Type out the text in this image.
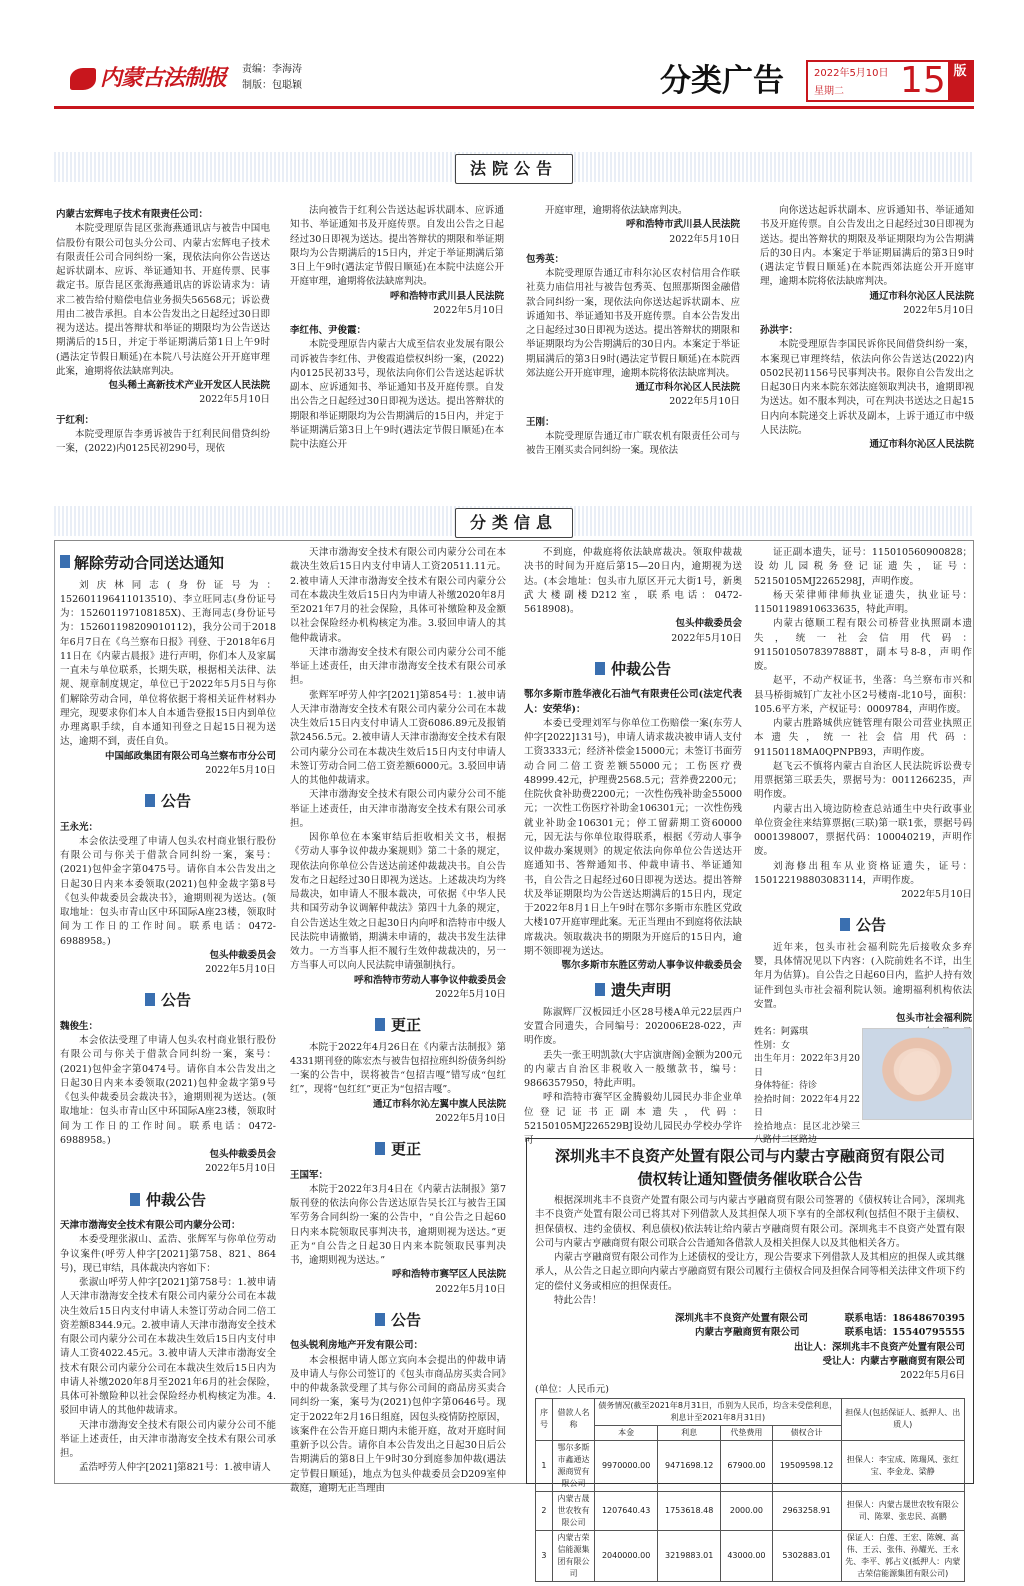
内蒙古法制报 责编：李海涛
制版：包聪颖	分类广告	2022年5月10日
星期二 15 版
法院公告

内蒙古宏辉电子技术有限责任公司：

本院受理原告昆区张海燕通讯店与被告中国电信股份有限公司包头分公司、内蒙古宏辉电子技术有限责任公司合同纠纷一案，现依法向你公告送达起诉状副本、应诉、举证通知书、开庭传票、民事裁定书。原告昆区张海燕通讯店的诉讼请求为：请求二被告给付赔偿电信业务损失56568元；诉讼费用由二被告承担。自本公告发出之日起经过30日即视为送达。提出答辩状和举证的期限均为公告送达期满后的15日，并定于举证期满后第1日上午9时(遇法定节假日顺延)在本院八号法庭公开开庭审理此案，逾期将依法缺席判决。

包头稀土高新技术产业开发区人民法院

2022年5月10日

于红利：

本院受理原告李勇诉被告于红利民间借贷纠纷一案，(2022)内0125民初290号，现依

法向被告于红利公告送达起诉状副本、应诉通知书、举证通知书及开庭传票。自发出公告之日起经过30日即视为送达。提出答辩状的期限和举证期限均为公告期满后的15日内，并定于举证期满后第3日上午9时(遇法定节假日顺延)在本院中法庭公开开庭审理，逾期将依法缺席判决。

呼和浩特市武川县人民法院

2022年5月10日

李红伟、尹俊霞：

本院受理原告内蒙古大成至信农业发展有限公司诉被告李红伟、尹俊霞追偿权纠纷一案，(2022)内0125民初33号，现依法向你们公告送达起诉状副本、应诉通知书、举证通知书及开庭传票。自发出公告之日起经过30日即视为送达。提出答辩状的期限和举证期限均为公告期满后的15日内，并定于举证期满后第3日上午9时(遇法定节假日顺延)在本院中法庭公开

开庭审理，逾期将依法缺席判决。

呼和浩特市武川县人民法院

2022年5月10日

包秀英：

本院受理原告通辽市科尔沁区农村信用合作联社莫力庙信用社与被告包秀英、包照那斯图金融借款合同纠纷一案，现依法向你送达起诉状副本、应诉通知书、举证通知书及开庭传票。自本公告发出之日起经过30日即视为送达。提出答辩状的期限和举证期限均为公告期满后的30日内。本案定于举证期届满后的第3日9时(遇法定节假日顺延)在本院西郊法庭公开开庭审理，逾期本院将依法缺席判决。

通辽市科尔沁区人民法院

2022年5月10日

王刚：

本院受理原告通辽市广联农机有限责任公司与被告王刚买卖合同纠纷一案。现依法

向你送达起诉状副本、应诉通知书、举证通知书及开庭传票。自公告发出之日起经过30日即视为送达。提出答辩状的期限及举证期限均为公告期满后的30日内。本案定于举证期届满后的第3日9时(遇法定节假日顺延)在本院西郊法庭公开开庭审理，逾期本院将依法缺席判决。

通辽市科尔沁区人民法院

2022年5月10日

孙洪宇：

本院受理原告李国民诉你民间借贷纠纷一案，本案现已审理终结，依法向你公告送达(2022)内0502民初1156号民事判决书。限你自公告发出之日起30日内来本院东郊法庭领取判决书，逾期即视为送达。如不服本判决，可在判决书送达之日起15日内向本院递交上诉状及副本，上诉于通辽市中级人民法院。

通辽市科尔沁区人民法院

分类信息
解除劳动合同送达通知

刘庆林同志(身份证号为：152601196411013510)、李立旺同志(身份证号为：152601197108185X)、王海同志(身份证号为：152601198209010112)，我分公司于2018年6月7日在《乌兰察布日报》刊登、于2018年6月11日在《内蒙古晨报》进行声明，你们本人及家属一直未与单位联系，长期失联，根据相关法律、法规、规章制度规定，单位已于2022年5月5日与你们解除劳动合同，单位将依据于将相关证件材料办理完，现要求你们本人自本通告登报15日内到单位办理离职手续，自本通知刊登之日起15日视为送达，逾期不到，责任自负。

中国邮政集团有限公司乌兰察布市分公司

2022年5月10日

公告

王永光：

本会依法受理了申请人包头农村商业银行股份有限公司与你关于借款合同纠纷一案，案号：(2021)包仲金字第0475号。请你自本公告发出之日起30日内来本委领取(2021)包仲金裁字第8号《包头仲裁委员会裁决书》，逾期则视为送达。(领取地址：包头市青山区中环国际A座23楼，领取时间为工作日的工作时间。联系电话：0472-6988958。)

包头仲裁委员会

2022年5月10日

公告

魏俊生：

本会依法受理了申请人包头农村商业银行股份有限公司与你关于借款合同纠纷一案，案号：(2021)包仲金字第0474号。请你自本公告发出之日起30日内来本委领取(2021)包仲金裁字第9号《包头仲裁委员会裁决书》，逾期则视为送达。(领取地址：包头市青山区中环国际A座23楼，领取时间为工作日的工作时间。联系电话：0472-6988958。)

包头仲裁委员会

2022年5月10日

仲裁公告

天津市渤海安全技术有限公司内蒙分公司：

本委受理张淑山、孟浩、张辉军与你单位劳动争议案件(呼劳人仲字[2021]第758、821、864号)，现已审结，具体裁决内容如下：

张淑山呼劳人仲字[2021]第758号：1.被申请人天津市渤海安全技术有限公司内蒙分公司在本裁决生效后15日内支付申请人未签订劳动合同二倍工资差额8344.9元。2.被申请人天津市渤海安全技术有限公司内蒙分公司在本裁决生效后15日内支付申请人工资4022.45元。3.被申请人天津市渤海安全技术有限公司内蒙分公司在本裁决生效后15日内为申请人补缴2020年8月至2021年6月的社会保险，具体可补缴险种以社会保险经办机构核定为准。4.驳回申请人的其他仲裁请求。

天津市渤海安全技术有限公司内蒙分公司不能举证上述责任，由天津市渤海安全技术有限公司承担。

孟浩呼劳人仲字[2021]第821号：1.被申请人

天津市渤海安全技术有限公司内蒙分公司在本裁决生效后15日内支付申请人工资20511.11元。2.被申请人天津市渤海安全技术有限公司内蒙分公司在本裁决生效后15日内为申请人补缴2020年8月至2021年7月的社会保险，具体可补缴险种及金额以社会保险经办机构核定为准。3.驳回申请人的其他仲裁请求。

天津市渤海安全技术有限公司内蒙分公司不能举证上述责任，由天津市渤海安全技术有限公司承担。

张辉军呼劳人仲字[2021]第854号：1.被申请人天津市渤海安全技术有限公司内蒙分公司在本裁决生效后15日内支付申请人工资6086.89元及报销款2456.5元。2.被申请人天津市渤海安全技术有限公司内蒙分公司在本裁决生效后15日内支付申请人未签订劳动合同二倍工资差额6000元。3.驳回申请人的其他仲裁请求。

天津市渤海安全技术有限公司内蒙分公司不能举证上述责任，由天津市渤海安全技术有限公司承担。

因你单位在本案审结后拒收相关文书，根据《劳动人事争议仲裁办案规则》第二十条的规定，现依法向你单位公告送达前述仲裁裁决书。自公告发布之日起经过30日即视为送达。上述裁决均为终局裁决，如申请人不服本裁决，可依据《中华人民共和国劳动争议调解仲裁法》第四十九条的规定，自公告送达生效之日起30日内向呼和浩特市中级人民法院申请撤销，期满未申请的，裁决书发生法律效力。一方当事人拒不履行生效仲裁裁决的，另一方当事人可以向人民法院申请强制执行。

呼和浩特市劳动人事争议仲裁委员会

2022年5月10日

更正

本院于2022年4月26日在《内蒙古法制报》第4331期刊登的陈宏杰与被告包招拉班纠纷债务纠纷一案的公告中，误将被告“包招吉嘎”错写成“包红红”，现将“包红红”更正为“包招吉嘎”。

通辽市科尔沁左翼中旗人民法院

2022年5月10日

更正

王国军：

本院于2022年3月4日在《内蒙古法制报》第7版刊登的依法向你公告送达原告吴长江与被告王国军劳务合同纠纷一案的公告中，“自公告之日起60日内来本院领取民事判决书，逾期则视为送达。”更正为“自公告之日起30日内来本院领取民事判决书，逾期则视为送达。”

呼和浩特市赛罕区人民法院

2022年5月10日

公告

包头锐利房地产开发有限公司：

本会根据申请人郎立宾向本会提出的仲裁申请及申请人与你公司签订的《包头市商品房买卖合同》中的仲裁条款受理了其与你公司间的商品房买卖合同纠纷一案，案号为(2021)包仲字第0646号。现定于2022年2月16日组庭，因包头疫情防控原因，该案件在公告开庭日期内未能开庭，故对开庭时间重新予以公告。请你自本公告发出之日起30日后公告期满后的第8日上午9时30分到庭参加仲裁(遇法定节假日顺延)，地点为包头仲裁委员会D209室仲裁庭，逾期无正当理由

不到庭，仲裁庭将依法缺席裁决。领取仲裁裁决书的时间为开庭后第15—20日内，逾期视为送达。(本会地址：包头市九原区开元大街1号，新奥武大楼副楼D212室，联系电话：0472-5618908)。

包头仲裁委员会

2022年5月10日

仲裁公告

鄂尔多斯市胜华液化石油气有限责任公司(法定代表人：安荣华)：

本委已受理刘军与你单位工伤赔偿一案(东劳人仲字[2022]131号)，申请人请求裁决被申请人支付工资3333元；经济补偿金15000元；未签订书面劳动合同二倍工资差额55000元；工伤医疗费48999.42元，护理费2568.5元；营养费2200元；住院伙食补助费2200元；一次性伤残补助金55000元；一次性工伤医疗补助金106301元；一次性伤残就业补助金106301元；停工留薪期工资60000元，因无法与你单位取得联系，根据《劳动人事争议仲裁办案规则》的规定依法向你单位公告送达开庭通知书、答辩通知书、仲裁申请书、举证通知书，自公告之日起经过60日即视为送达。提出答辩状及举证期限均为公告送达期满后的15日内，现定于2022年8月1日上午9时在鄂尔多斯市东胜区党政大楼107开庭审理此案。无正当理由不到庭将依法缺席裁决。领取裁决书的期限为开庭后的15日内，逾期不领即视为送达。

鄂尔多斯市东胜区劳动人事争议仲裁委员会

遗失声明

陈淑辉厂汉板园迁小区28号楼A单元22层西户安置合同遗失，合同编号：202006E28-022，声明作废。

丢失一张王明凯款(大宇店演唐阁)金额为200元的内蒙古自治区非税收入一般缴款书，编号：9866357950，特此声明。

呼和浩特市赛罕区金腾毅幼儿园民办非企业单位登记证书正副本遗失，代码：52150105MJ226529BJ设幼儿园民办学校办学许可

证正副本遗失，证号：115010560900828；设幼儿园税务登记证遗失，证号：52150105MJ2265298J，声明作废。

杨天荣律师律师执业证遗失，执业证号：11501198910633635，特此声明。

内蒙古德顺工程有限公司桥营业执照副本遗失，统一社会信用代码：91150105078397888T，副本号8-8，声明作废。

赵平，不动产权证书，坐落：乌兰察布市兴和县马桥街城钉广友社小区2号楼南-北10号，面积：105.6平方米，产权证号：0009784，声明作废。

内蒙古胜路城供应链管理有限公司营业执照正本遗失，统一社会信用代码：91150118MA0QPNPB93，声明作废。

赵飞云不慎将内蒙古自治区人民法院诉讼费专用票据第三联丢失，票据号为：0011266235，声明作废。

内蒙古出入境边防检查总站通生中央行政事业单位资金往来结算票据(三联)第一联1张，票据号码0001398007，票据代码：100040219，声明作废。

刘海修出租车从业资格证遗失，证号：15012219880308311​4，声明作废。

2022年5月10日

公告

近年来，包头市社会福利院先后接收众多弃婴，具体情况见以下内容：(入院前姓名不详，出生年月为估算)。自公告之日起60日内，监护人持有效证件到包头市社会福利院认领。逾期福利机构依法安置。

包头市社会福利院

姓名：阿露琪
性别：女
出生年月：2022年3月20日
身体特征：待诊
捡拾时间：2022年4月22日
捡拾地点：昆区北沙梁三八路付二区路边
深圳兆丰不良资产处置有限公司与内蒙古亨融商贸有限公司
债权转让通知暨债务催收联合公告

根据深圳兆丰不良资产处置有限公司与内蒙古亨融商贸有限公司签署的《债权转让合同》，深圳兆丰不良资产处置有限公司已将其对下列借款人及其担保人项下享有的全部权利(包括但不限于主债权、担保债权、违约金债权、利息债权)依法转让给内蒙古亨融商贸有限公司。深圳兆丰不良资产处置有限公司与内蒙古亨融商贸有限公司联合公告通知各借款人及相关担保人以及其他相关各方。

内蒙古亨融商贸有限公司作为上述债权的受让方，现公告要求下列借款人及其相应的担保人或其继承人，从公告之日起立即向内蒙古亨融商贸有限公司履行主债权合同及担保合同等相关法律文件项下约定的偿付义务或相应的担保责任。

特此公告！

深圳兆丰不良资产处置有限公司	联系电话：18648670395
内蒙古亨融商贸有限公司	联系电话：15540795555
出让人：深圳兆丰不良资产处置有限公司
受让人：内蒙古亨融商贸有限公司
2022年5月6日
(单位：人民币元)
序号	借款人名称	债务情况(截至2021年8月31日，币别为人民币，均含未受偿利息，利息计至2021年8月31日)				担保人(包括保证人、抵押人、出质人)
		本金	利息	代垫费用	债权合计	
1	鄂尔多斯市鑫通达源商贸有限公司	9970000.00	9471698.12	67900.00	19509598.12	担保人：李宝成、陈瑞风、张红宝、李金龙、梁静
2	内蒙古晟世农牧有限公司	1207640.43	1753618.48	2000.00	2963258.91	担保人：内蒙古晟世农牧有限公司、陈翠、张忠民、高鹏
3	内蒙古荣信能源集团有限公司	2040000.00	3219883.01	43000.00	5302883.01	保证人：白莲、王宏、陈婉、高伟、王云、张伟、孙耀光、王永先、李平、郭占义(抵押人：内蒙古荣信能源集团有限公司)
